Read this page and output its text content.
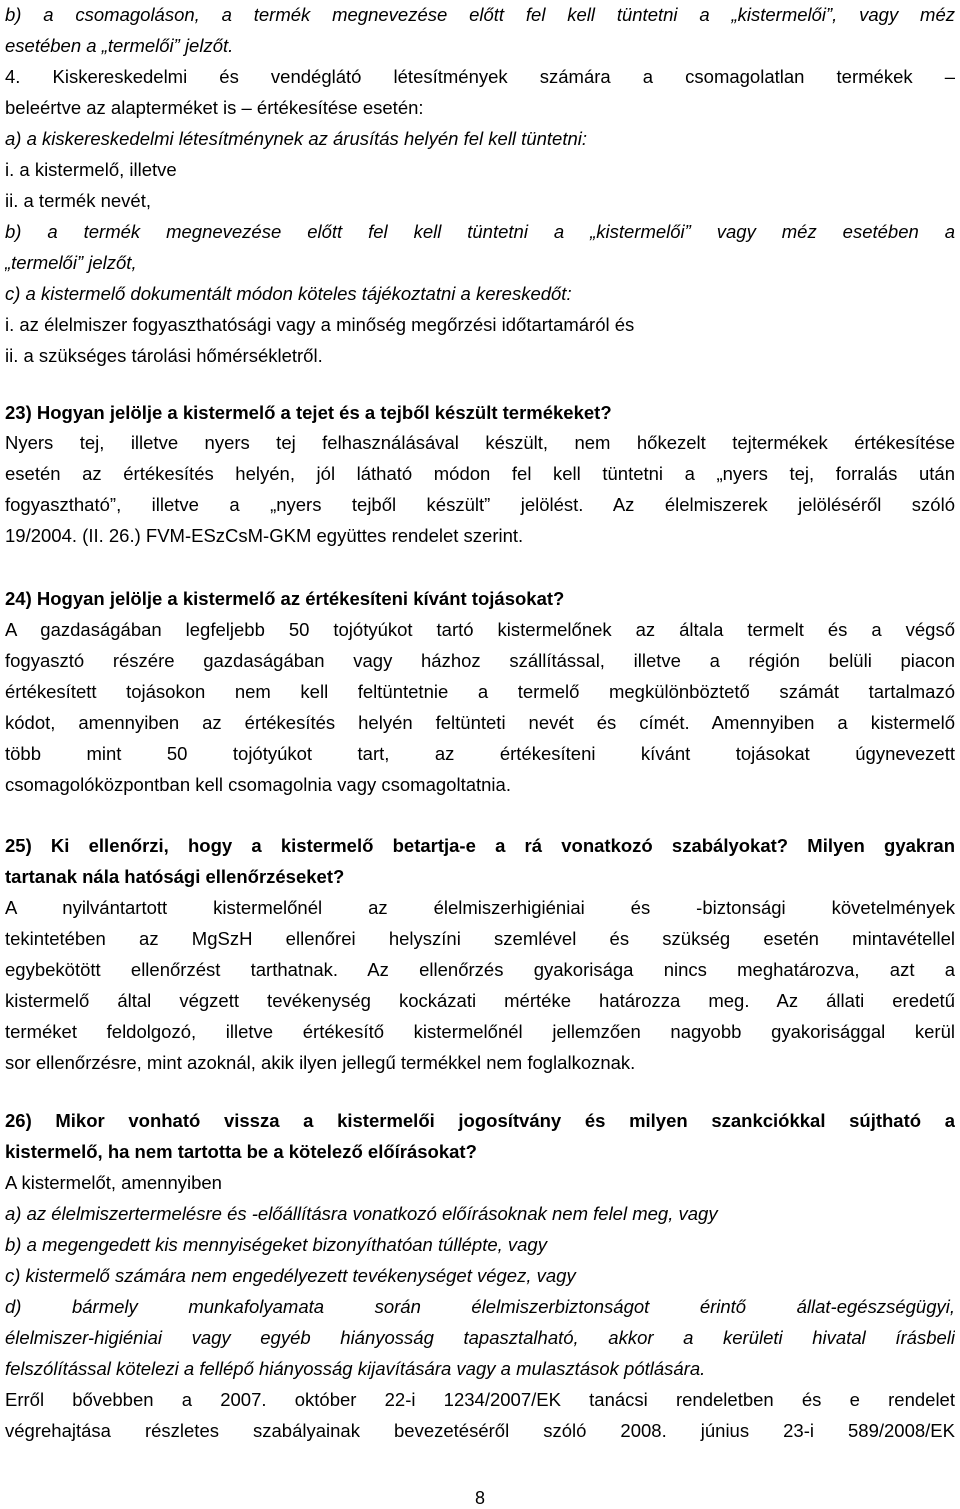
b) a csomagoláson, a termék megnevezése előtt fel kell tüntetni a „kistermelői”, vagy méz
esetében a „termelői” jelzőt.
4. Kiskereskedelmi és vendéglátó létesítmények számára a csomagolatlan termékek –
beleértve az alapterméket is – értékesítése esetén:
a) a kiskereskedelmi létesítménynek az árusítás helyén fel kell tüntetni:
i. a kistermelő, illetve
ii. a termék nevét,
b) a termék megnevezése előtt fel kell tüntetni a „kistermelői” vagy méz esetében a
„termelői” jelzőt,
c) a kistermelő dokumentált módon köteles tájékoztatni a kereskedőt:
i. az élelmiszer fogyaszthatósági vagy a minőség megőrzési időtartamáról és
ii. a szükséges tárolási hőmérsékletről.
23) Hogyan jelölje a kistermelő a tejet és a tejből készült termékeket?
Nyers tej, illetve nyers tej felhasználásával készült, nem hőkezelt tejtermékek értékesítése
esetén az értékesítés helyén, jól látható módon fel kell tüntetni a „nyers tej, forralás után
fogyasztható”, illetve a „nyers tejből készült” jelölést. Az élelmiszerek jelöléséről szóló
19/2004. (II. 26.) FVM-ESzCsM-GKM együttes rendelet szerint.
24) Hogyan jelölje a kistermelő az értékesíteni kívánt tojásokat?
A gazdaságában legfeljebb 50 tojótyúkot tartó kistermelőnek az általa termelt és a végső
fogyasztó részére gazdaságában vagy házhoz szállítással, illetve a régión belüli piacon
értékesített tojásokon nem kell feltüntetnie a termelő megkülönböztető számát tartalmazó
kódot, amennyiben az értékesítés helyén feltünteti nevét és címét. Amennyiben a kistermelő
több mint 50 tojótyúkot tart, az értékesíteni kívánt tojásokat úgynevezett
csomagolóközpontban kell csomagolnia vagy csomagoltatnia.
25) Ki ellenőrzi, hogy a kistermelő betartja-e a rá vonatkozó szabályokat? Milyen gyakran
tartanak nála hatósági ellenőrzéseket?
A nyilvántartott kistermelőnél az élelmiszerhigiéniai és -biztonsági követelmények
tekintetében az MgSzH ellenőrei helyszíni szemlével és szükség esetén mintavétellel
egybekötött ellenőrzést tarthatnak. Az ellenőrzés gyakorisága nincs meghatározva, azt a
kistermelő által végzett tevékenység kockázati mértéke határozza meg. Az állati eredetű
terméket feldolgozó, illetve értékesítő kistermelőnél jellemzően nagyobb gyakorisággal kerül
sor ellenőrzésre, mint azoknál, akik ilyen jellegű termékkel nem foglalkoznak.
26) Mikor vonható vissza a kistermelői jogosítvány és milyen szankciókkal sújtható a
kistermelő, ha nem tartotta be a kötelező előírásokat?
A kistermelőt, amennyiben
a) az élelmiszertermelésre és -előállításra vonatkozó előírásoknak nem felel meg, vagy
b) a megengedett kis mennyiségeket bizonyíthatóan túllépte, vagy
c) kistermelő számára nem engedélyezett tevékenységet végez, vagy
d) bármely munkafolyamata során élelmiszerbiztonságot érintő állat-egészségügyi,
élelmiszer-higiéniai vagy egyéb hiányosság tapasztalható, akkor a kerületi hivatal írásbeli
felszólítással kötelezi a fellépő hiányosság kijavítására vagy a mulasztások pótlására.
Erről bővebben a 2007. október 22-i 1234/2007/EK tanácsi rendeletben és e rendelet
végrehajtása részletes szabályainak bevezetéséről szóló 2008. június 23-i 589/2008/EK
8
